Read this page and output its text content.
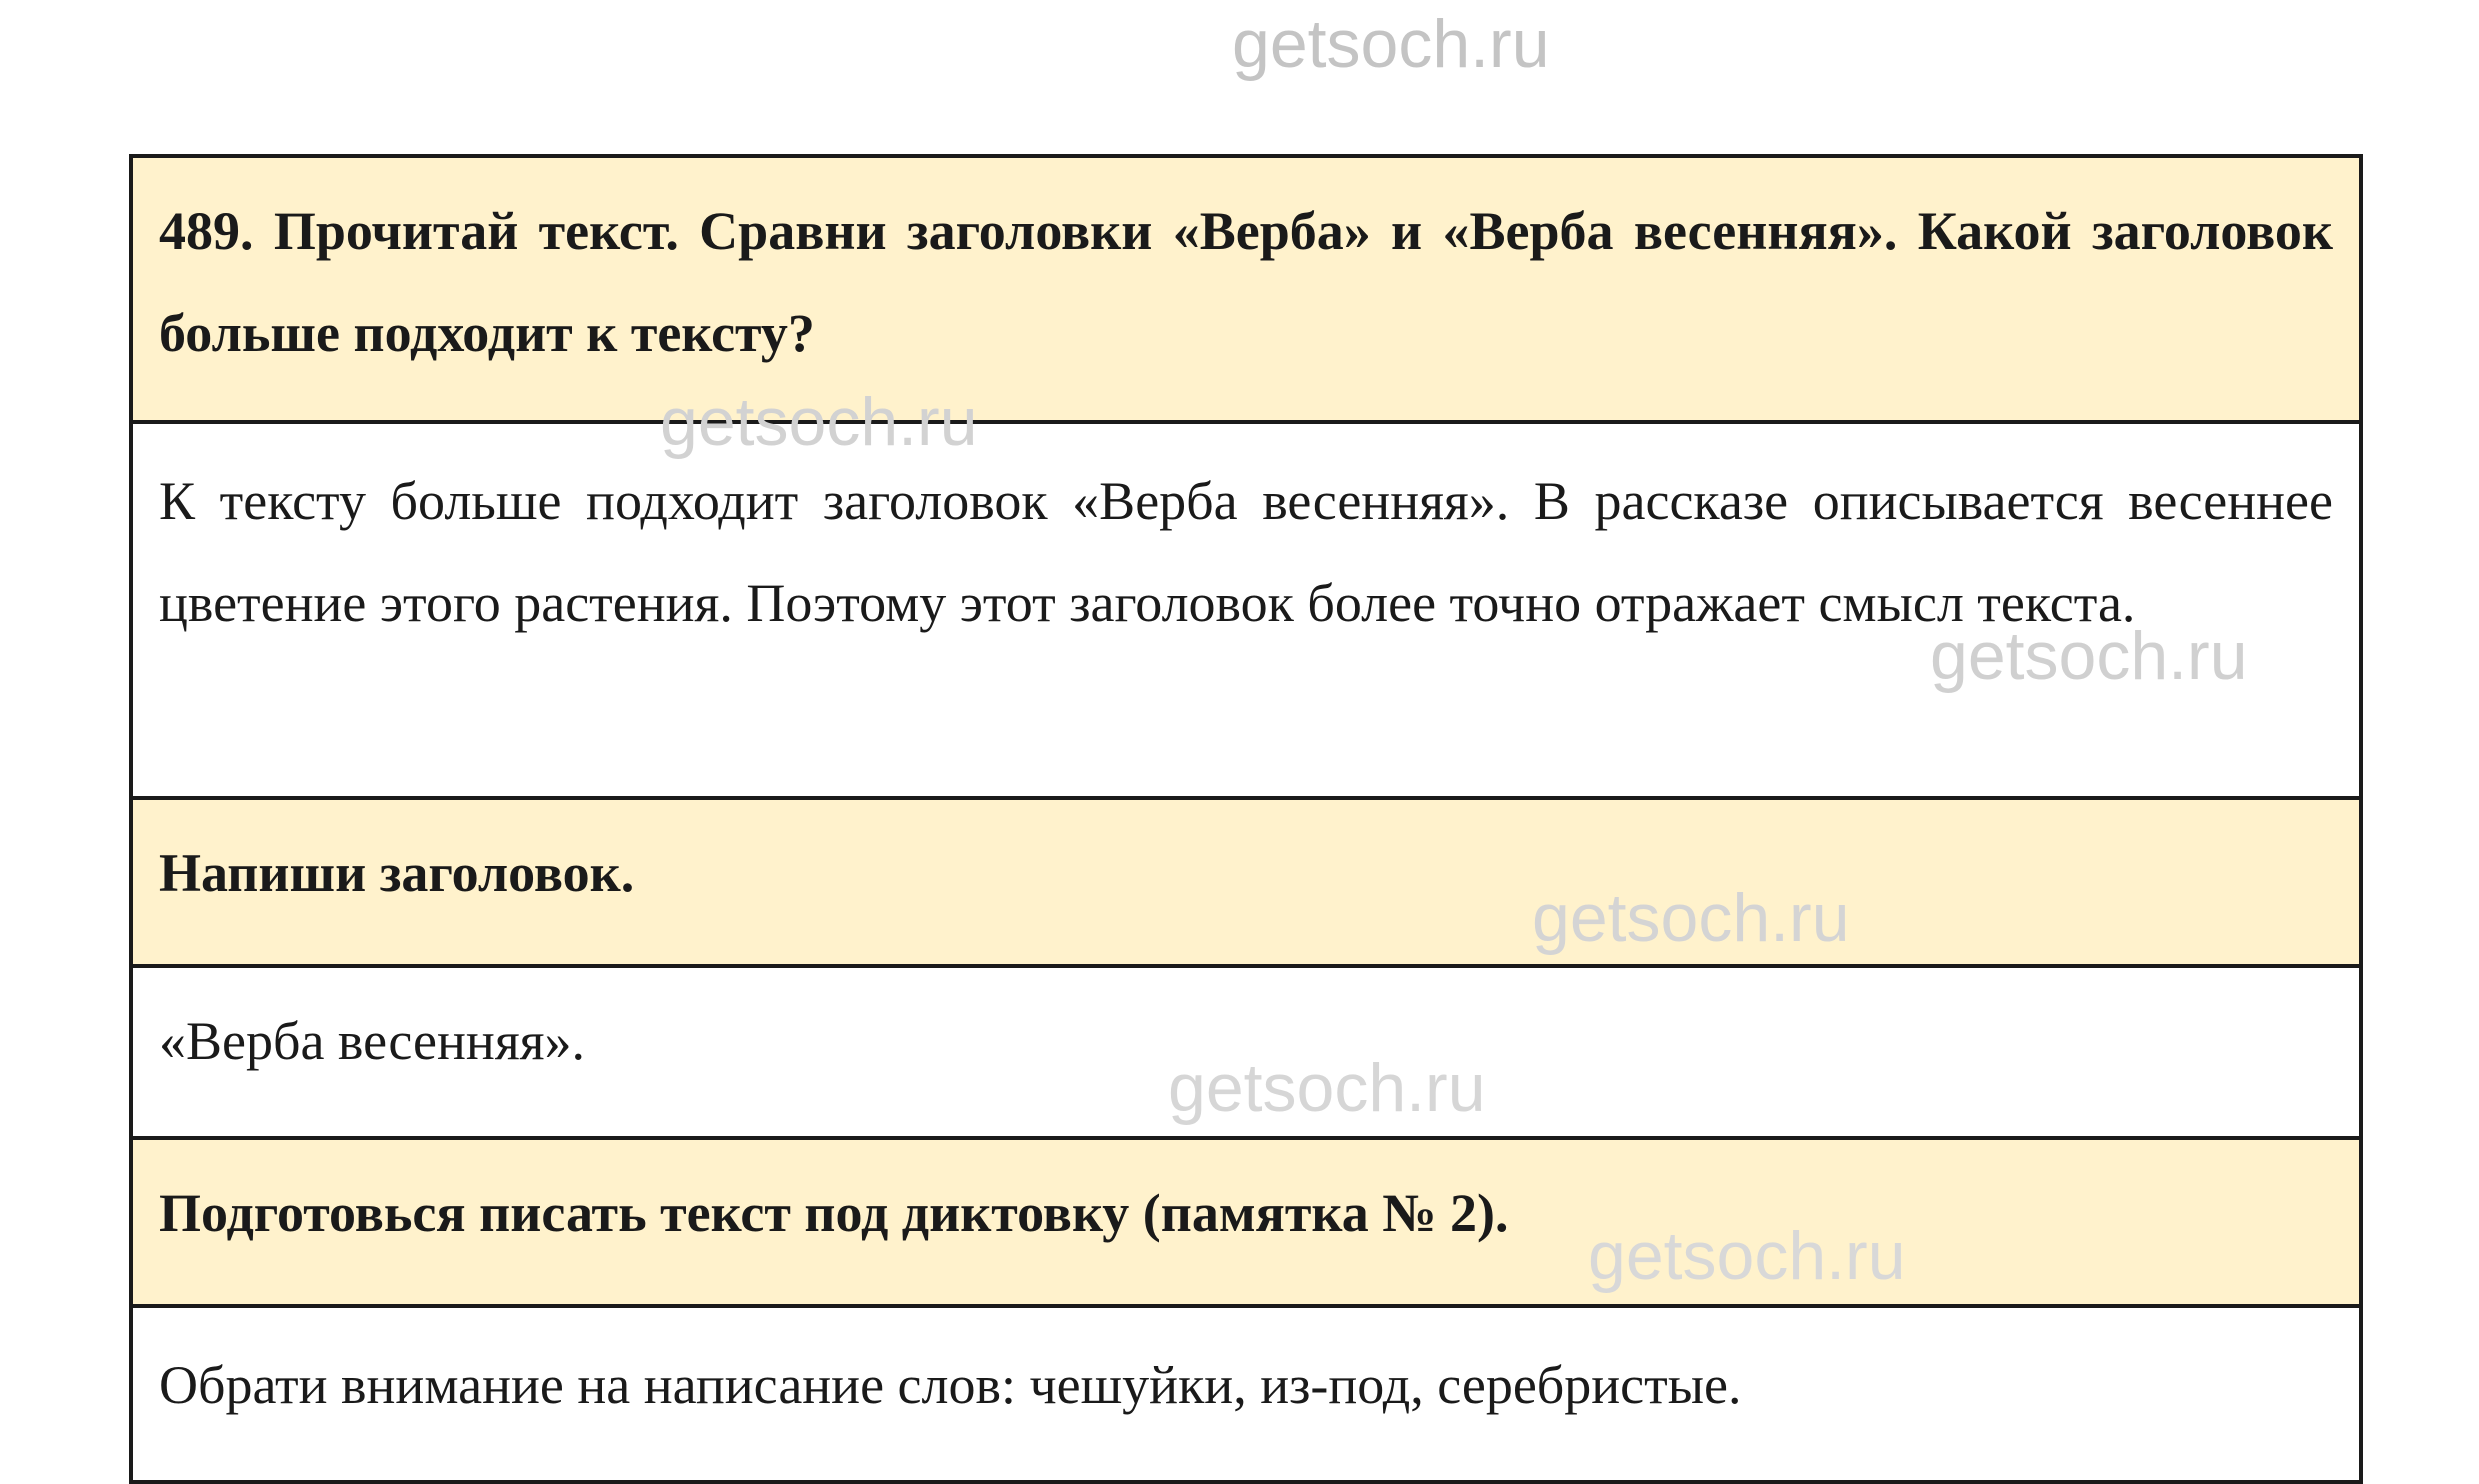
getsoch.ru
489. Прочитай текст. Сравни заголовки «Верба» и «Верба весенняя». Какой заголовок больше подходит к тексту?

К тексту больше подходит заголовок «Верба весенняя». В рассказе описывается весеннее цветение этого растения. Поэтому этот заголовок более точно отражает смысл текста.

Напиши заголовок.

«Верба весенняя».

Подготовься писать текст под диктовку (памятка № 2).

Обрати внимание на написание слов: чешуйки, из-под, серебристые.
getsoch.ru
getsoch.ru
getsoch.ru
getsoch.ru
getsoch.ru
